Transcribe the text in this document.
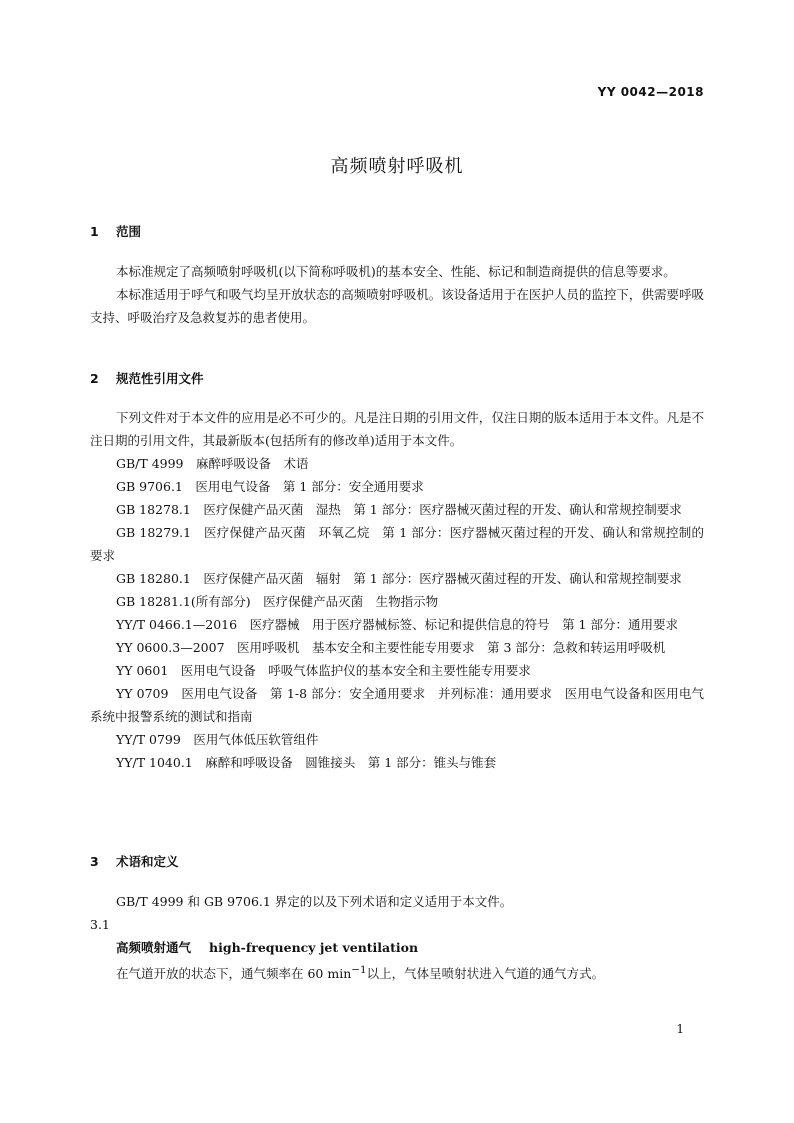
YY 0042—2018
高频喷射呼吸机
1 范围

本标准规定了高频喷射呼吸机(以下简称呼吸机)的基本安全、性能、标记和制造商提供的信息等要求。

本标准适用于呼气和吸气均呈开放状态的高频喷射呼吸机。该设备适用于在医护人员的监控下，供需要呼吸支持、呼吸治疗及急救复苏的患者使用。

2 规范性引用文件

下列文件对于本文件的应用是必不可少的。凡是注日期的引用文件，仅注日期的版本适用于本文件。凡是不注日期的引用文件，其最新版本(包括所有的修改单)适用于本文件。

GB/T 4999　麻醉呼吸设备　术语

GB 9706.1　医用电气设备　第 1 部分：安全通用要求

GB 18278.1　医疗保健产品灭菌　湿热　第 1 部分：医疗器械灭菌过程的开发、确认和常规控制要求

GB 18279.1　医疗保健产品灭菌　环氧乙烷　第 1 部分：医疗器械灭菌过程的开发、确认和常规控制的要求

GB 18280.1　医疗保健产品灭菌　辐射　第 1 部分：医疗器械灭菌过程的开发、确认和常规控制要求

GB 18281.1(所有部分)　医疗保健产品灭菌　生物指示物

YY/T 0466.1—2016　医疗器械　用于医疗器械标签、标记和提供信息的符号　第 1 部分：通用要求

YY 0600.3—2007　医用呼吸机　基本安全和主要性能专用要求　第 3 部分：急救和转运用呼吸机

YY 0601　医用电气设备　呼吸气体监护仪的基本安全和主要性能专用要求

YY 0709　医用电气设备　第 1-8 部分：安全通用要求　并列标准：通用要求　医用电气设备和医用电气系统中报警系统的测试和指南

YY/T 0799　医用气体低压软管组件

YY/T 1040.1　麻醉和呼吸设备　圆锥接头　第 1 部分：锥头与锥套

3 术语和定义

GB/T 4999 和 GB 9706.1 界定的以及下列术语和定义适用于本文件。

3.1

高频喷射通气 high-frequency jet ventilation

在气道开放的状态下，通气频率在 60 $\min^{-1}$以上，气体呈喷射状进入气道的通气方式。

1
